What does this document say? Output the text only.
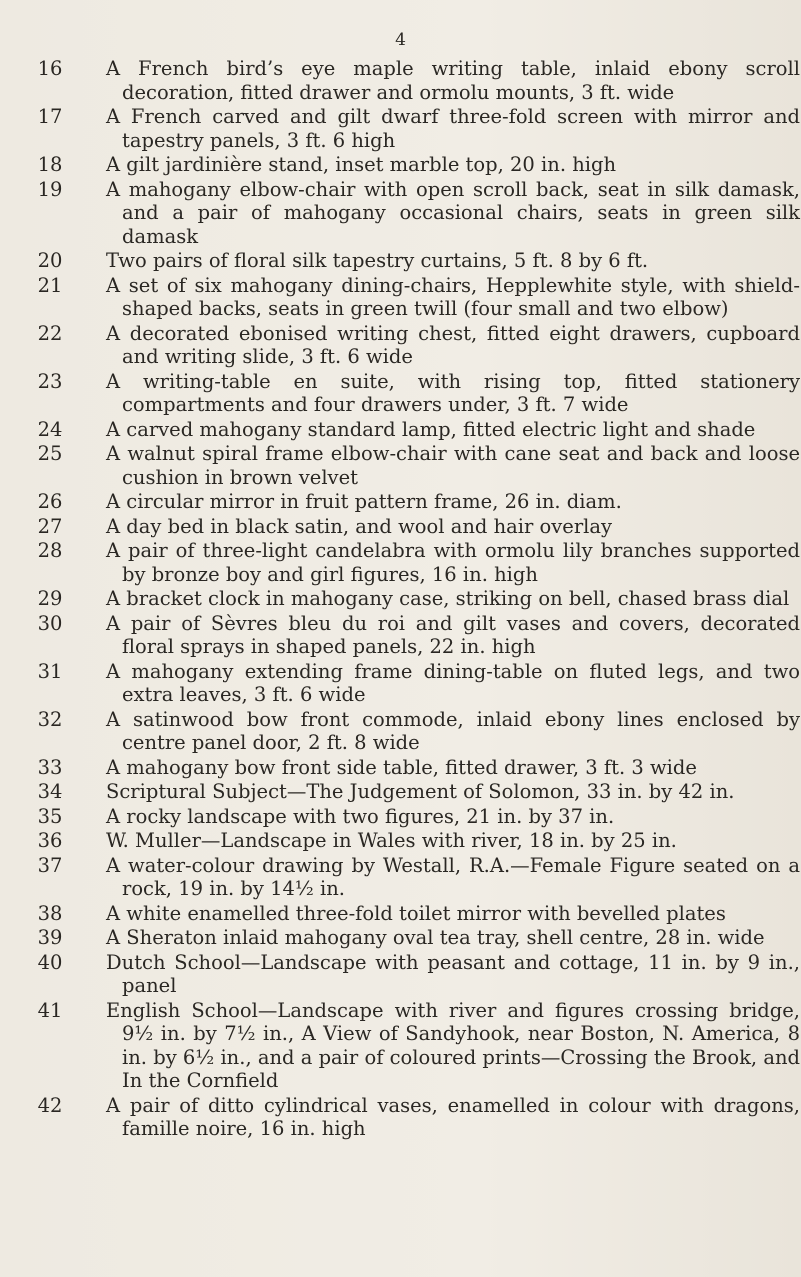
4
16 A French bird’s eye maple writing table, inlaid ebony scroll decoration, fitted drawer and ormolu mounts, 3 ft. wide
17 A French carved and gilt dwarf three-fold screen with mirror and tapestry panels, 3 ft. 6 high
18 A gilt jardinière stand, inset marble top, 20 in. high
19 A mahogany elbow-chair with open scroll back, seat in silk damask, and a pair of mahogany occasional chairs, seats in green silk damask
20 Two pairs of floral silk tapestry curtains, 5 ft. 8 by 6 ft.
21 A set of six mahogany dining-chairs, Hepplewhite style, with shield-shaped backs, seats in green twill (four small and two elbow)
22 A decorated ebonised writing chest, fitted eight drawers, cupboard and writing slide, 3 ft. 6 wide
23 A writing-table en suite, with rising top, fitted stationery compartments and four drawers under, 3 ft. 7 wide
24 A carved mahogany standard lamp, fitted electric light and shade
25 A walnut spiral frame elbow-chair with cane seat and back and loose cushion in brown velvet
26 A circular mirror in fruit pattern frame, 26 in. diam.
27 A day bed in black satin, and wool and hair overlay
28 A pair of three-light candelabra with ormolu lily branches supported by bronze boy and girl figures, 16 in. high
29 A bracket clock in mahogany case, striking on bell, chased brass dial
30 A pair of Sèvres bleu du roi and gilt vases and covers, decorated floral sprays in shaped panels, 22 in. high
31 A mahogany extending frame dining-table on fluted legs, and two extra leaves, 3 ft. 6 wide
32 A satinwood bow front commode, inlaid ebony lines enclosed by centre panel door, 2 ft. 8 wide
33 A mahogany bow front side table, fitted drawer, 3 ft. 3 wide
34 Scriptural Subject—The Judgement of Solomon, 33 in. by 42 in.
35 A rocky landscape with two figures, 21 in. by 37 in.
36 W. Muller—Landscape in Wales with river, 18 in. by 25 in.
37 A water-colour drawing by Westall, R.A.—Female Figure seated on a rock, 19 in. by 14½ in.
38 A white enamelled three-fold toilet mirror with bevelled plates
39 A Sheraton inlaid mahogany oval tea tray, shell centre, 28 in. wide
40 Dutch School—Landscape with peasant and cottage, 11 in. by 9 in., panel
41 English School—Landscape with river and figures crossing bridge, 9½ in. by 7½ in., A View of Sandyhook, near Boston, N. America, 8 in. by 6½ in., and a pair of coloured prints—Crossing the Brook, and In the Cornfield
42 A pair of ditto cylindrical vases, enamelled in colour with dragons, famille noire, 16 in. high
